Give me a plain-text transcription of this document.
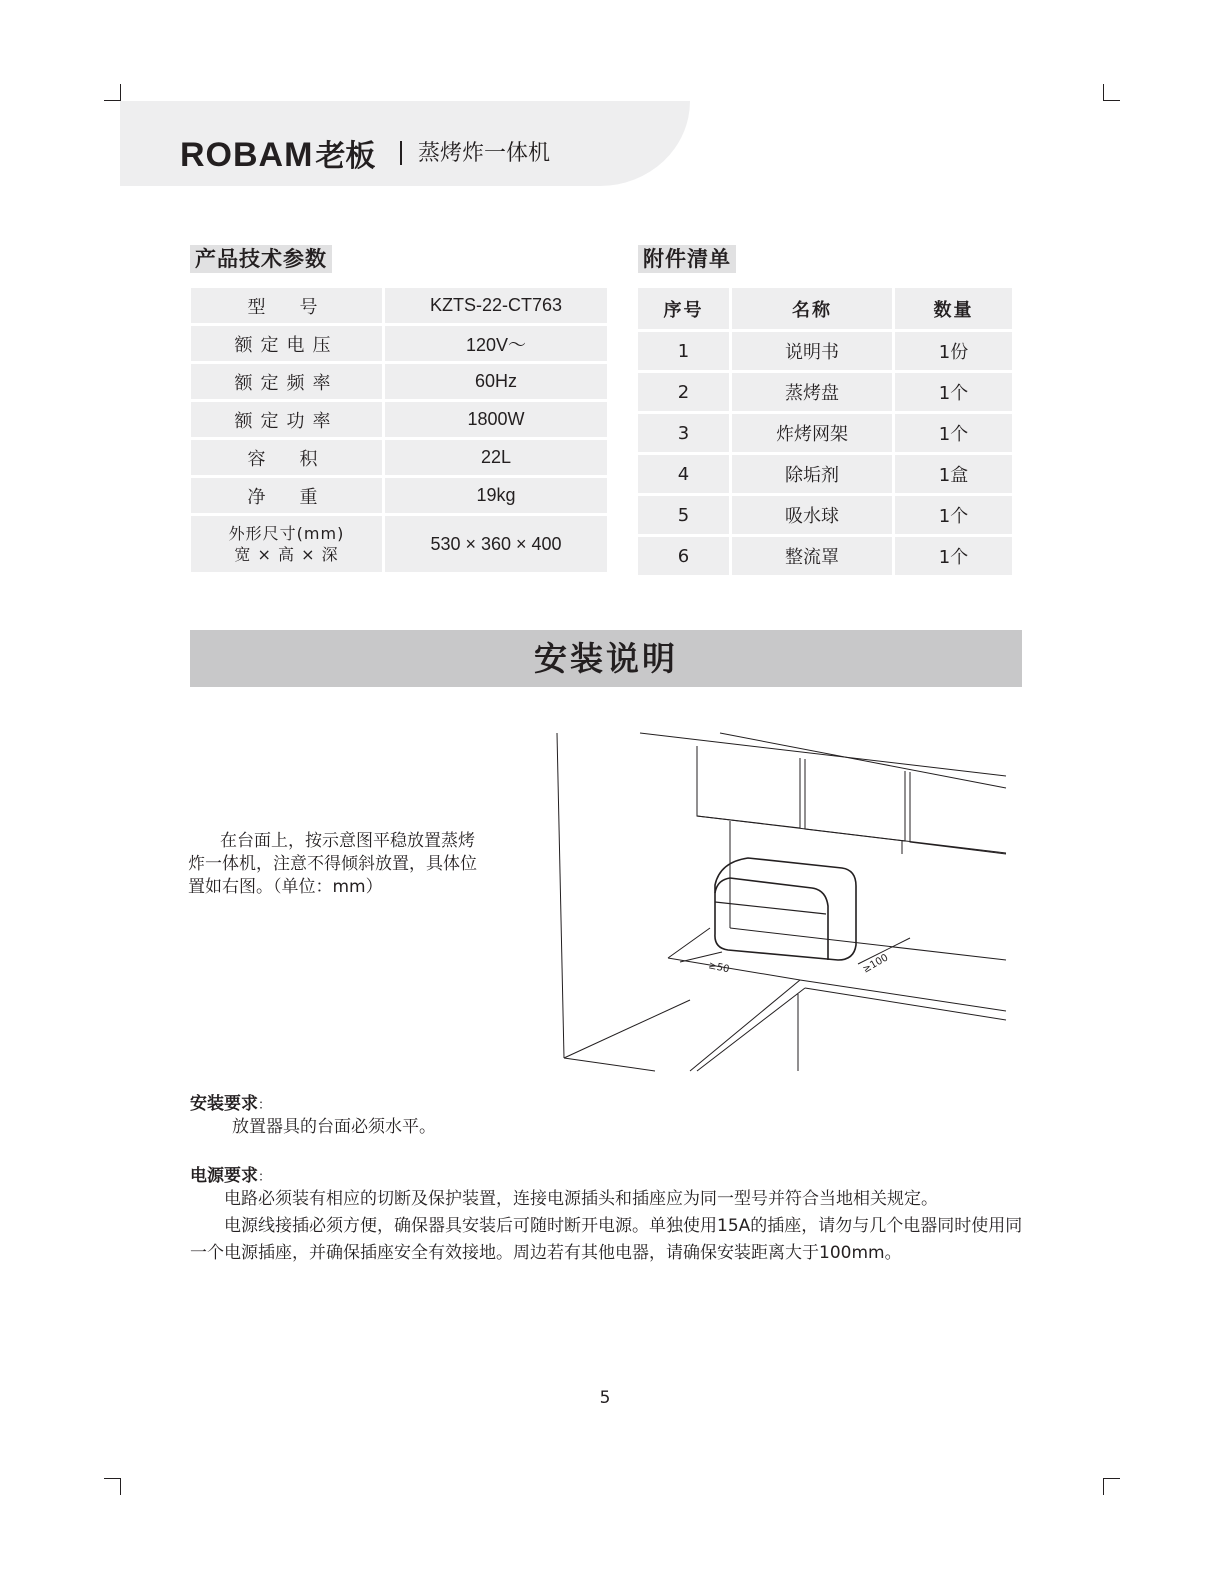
ROBAM老板 蒸烤炸一体机
产品技术参数	附件清单
型　号	KZTS-22-CT763
额定电压	120V～
额定频率	60Hz
额定功率	1800W
容　积	22L
净　重	19kg

外形尺寸(mm)
宽 × 高 × 深	530 × 360 × 400
序号	名称	数量
1	说明书	1份
2	蒸烤盘	1个
3	炸烤网架	1个
4	除垢剂	1盒
5	吸水球	1个
6	整流罩	1个
安装说明
在台面上，按示意图平稳放置蒸烤炸一体机，注意不得倾斜放置，具体位置如右图。（单位：mm）
≥50	≥100
安装要求：
放置器具的台面必须水平。
电源要求：
电路必须装有相应的切断及保护装置，连接电源插头和插座应为同一型号并符合当地相关规定。
电源线接插必须方便，确保器具安装后可随时断开电源。单独使用15A的插座，请勿与几个电器同时使用同一个电源插座，并确保插座安全有效接地。周边若有其他电器，请确保安装距离大于100mm。
5
